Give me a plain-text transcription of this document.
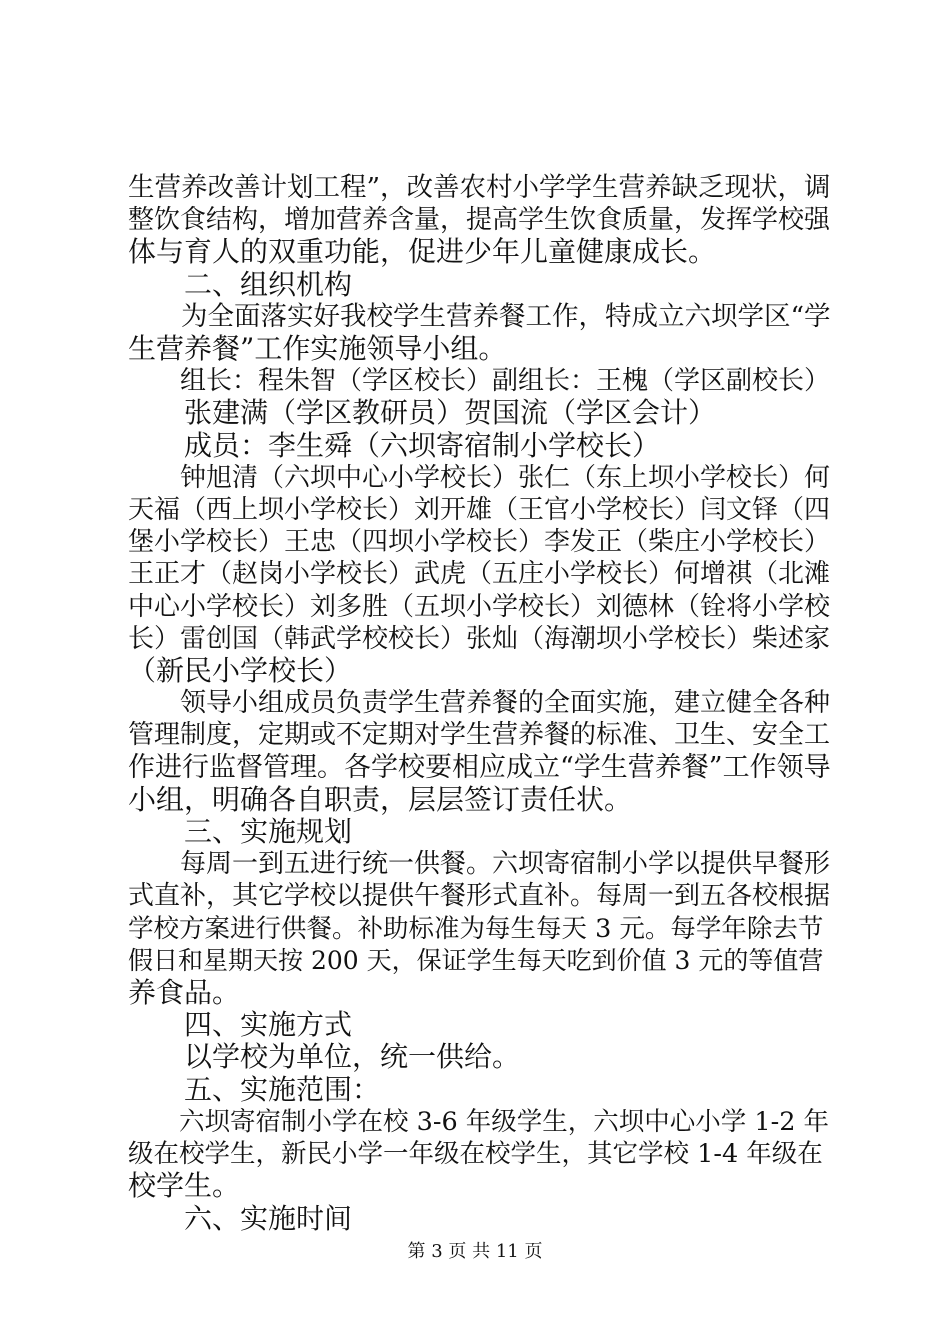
生营养改善计划工程”，改善农村小学学生营养缺乏现状，调

整饮食结构，增加营养含量，提高学生饮食质量，发挥学校强

体与育人的双重功能，促进少年儿童健康成长。

　　二、组织机构

　　为全面落实好我校学生营养餐工作，特成立六坝学区“学

生营养餐”工作实施领导小组。

　　组长：程朱智（学区校长）副组长：王槐（学区副校长）

　　张建满（学区教研员）贺国流（学区会计）

　　成员：李生舜（六坝寄宿制小学校长）

　　钟旭清（六坝中心小学校长）张仁（东上坝小学校长）何

天福（西上坝小学校长）刘开雄（王官小学校长）闫文铎（四

堡小学校长）王忠（四坝小学校长）李发正（柴庄小学校长）

王正才（赵岗小学校长）武虎（五庄小学校长）何增祺（北滩

中心小学校长）刘多胜（五坝小学校长）刘德林（铨将小学校

长）雷创国（韩武学校校长）张灿（海潮坝小学校长）柴述家

（新民小学校长）

　　领导小组成员负责学生营养餐的全面实施，建立健全各种

管理制度，定期或不定期对学生营养餐的标准、卫生、安全工

作进行监督管理。各学校要相应成立“学生营养餐”工作领导

小组，明确各自职责，层层签订责任状。

　　三、实施规划

　　每周一到五进行统一供餐。六坝寄宿制小学以提供早餐形

式直补，其它学校以提供午餐形式直补。每周一到五各校根据

学校方案进行供餐。补助标准为每生每天 3 元。每学年除去节

假日和星期天按 200 天，保证学生每天吃到价值 3 元的等值营

养食品。

　　四、实施方式

　　以学校为单位，统一供给。

　　五、实施范围：

　　六坝寄宿制小学在校 3-6 年级学生，六坝中心小学 1-2 年

级在校学生，新民小学一年级在校学生，其它学校 1-4 年级在

校学生。

　　六、实施时间

第 3 页 共 11 页
